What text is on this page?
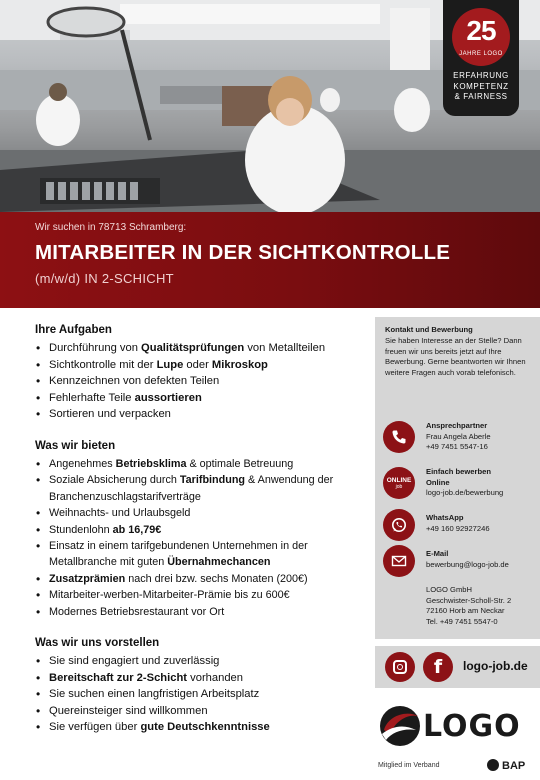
25
JAHRE LOGO
ERFAHRUNG
KOMPETENZ
& FAIRNESS
Wir suchen in 78713 Schramberg:
MITARBEITER IN DER SICHTKONTROLLE
(m/w/d) IN 2-SCHICHT
Ihre Aufgaben
• Durchführung von Qualitätsprüfungen von Metallteilen
• Sichtkontrolle mit der Lupe oder Mikroskop
• Kennzeichnen von defekten Teilen
• Fehlerhafte Teile aussortieren
• Sortieren und verpacken
Was wir bieten
• Angenehmes Betriebsklima & optimale Betreuung
• Soziale Absicherung durch Tarifbindung & Anwendung der Branchenzuschlagstarifverträge
• Weihnachts- und Urlaubsgeld
• Stundenlohn ab 16,79€
• Einsatz in einem tarifgebundenen Unternehmen in der Metallbranche mit guten Übernahmechancen
• Zusatzprämien nach drei bzw. sechs Monaten (200€)
• Mitarbeiter-werben-Mitarbeiter-Prämie bis zu 600€
• Modernes Betriebsrestaurant vor Ort
Was wir uns vorstellen
• Sie sind engagiert und zuverlässig
• Bereitschaft zur 2-Schicht vorhanden
• Sie suchen einen langfristigen Arbeitsplatz
• Quereinsteiger sind willkommen
• Sie verfügen über gute Deutschkenntnisse
Kontakt und Bewerbung
Sie haben Interesse an der Stelle? Dann freuen wir uns bereits jetzt auf Ihre Bewerbung. Gerne beantworten wir Ihnen weitere Fragen auch vorab telefonisch.
Ansprechpartner
Frau Angela Aberle
+49 7451 5547-16
ONLINE
job
Einfach bewerben
Online
logo-job.de/bewerbung
WhatsApp
+49 160 92927246
E-Mail
bewerbung@logo-job.de
LOGO GmbH
Geschwister-Scholl-Str. 2
72160 Horb am Neckar
Tel. +49 7451 5547-0
f	logo-job.de
LOGO
Mitglied im Verband	BAP
